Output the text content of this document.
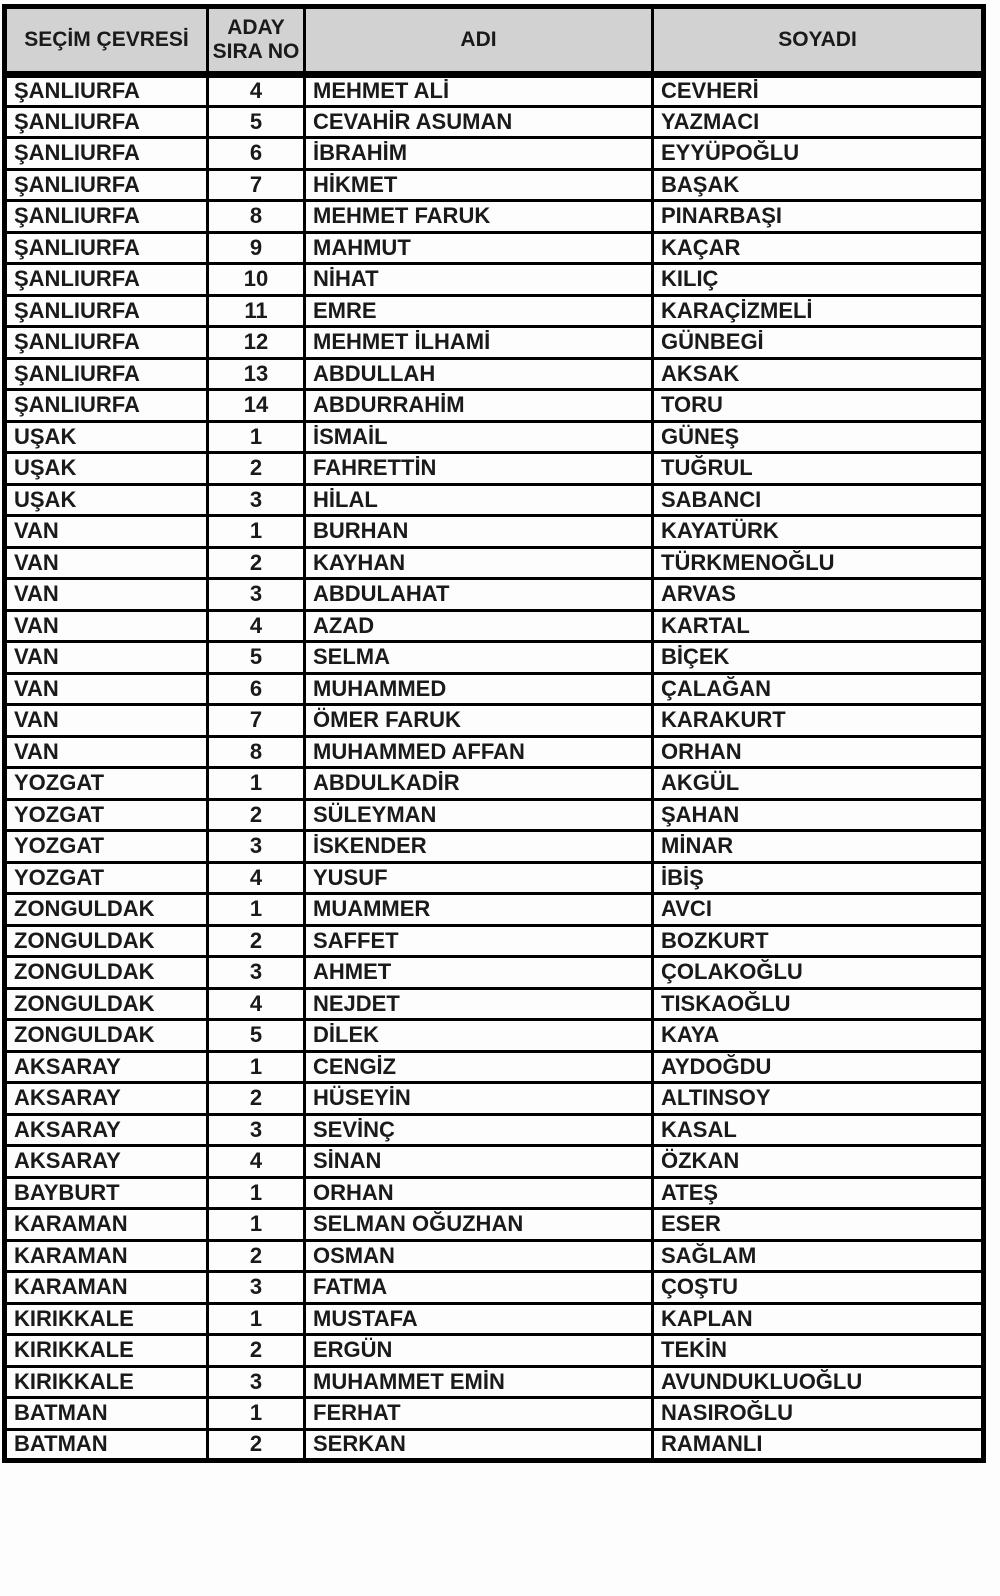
SEÇİM ÇEVRESİ	ADAY SIRA NO	ADI	SOYADI
ŞANLIURFA	4	MEHMET ALİ	CEVHERİ
ŞANLIURFA	5	CEVAHİR ASUMAN	YAZMACI
ŞANLIURFA	6	İBRAHİM	EYYÜPOĞLU
ŞANLIURFA	7	HİKMET	BAŞAK
ŞANLIURFA	8	MEHMET FARUK	PINARBAŞI
ŞANLIURFA	9	MAHMUT	KAÇAR
ŞANLIURFA	10	NİHAT	KILIÇ
ŞANLIURFA	11	EMRE	KARAÇİZMELİ
ŞANLIURFA	12	MEHMET İLHAMİ	GÜNBEGİ
ŞANLIURFA	13	ABDULLAH	AKSAK
ŞANLIURFA	14	ABDURRAHİM	TORU
UŞAK	1	İSMAİL	GÜNEŞ
UŞAK	2	FAHRETTİN	TUĞRUL
UŞAK	3	HİLAL	SABANCI
VAN	1	BURHAN	KAYATÜRK
VAN	2	KAYHAN	TÜRKMENOĞLU
VAN	3	ABDULAHAT	ARVAS
VAN	4	AZAD	KARTAL
VAN	5	SELMA	BİÇEK
VAN	6	MUHAMMED	ÇALAĞAN
VAN	7	ÖMER FARUK	KARAKURT
VAN	8	MUHAMMED AFFAN	ORHAN
YOZGAT	1	ABDULKADİR	AKGÜL
YOZGAT	2	SÜLEYMAN	ŞAHAN
YOZGAT	3	İSKENDER	MİNAR
YOZGAT	4	YUSUF	İBİŞ
ZONGULDAK	1	MUAMMER	AVCI
ZONGULDAK	2	SAFFET	BOZKURT
ZONGULDAK	3	AHMET	ÇOLAKOĞLU
ZONGULDAK	4	NEJDET	TISKAOĞLU
ZONGULDAK	5	DİLEK	KAYA
AKSARAY	1	CENGİZ	AYDOĞDU
AKSARAY	2	HÜSEYİN	ALTINSOY
AKSARAY	3	SEVİNÇ	KASAL
AKSARAY	4	SİNAN	ÖZKAN
BAYBURT	1	ORHAN	ATEŞ
KARAMAN	1	SELMAN OĞUZHAN	ESER
KARAMAN	2	OSMAN	SAĞLAM
KARAMAN	3	FATMA	ÇOŞTU
KIRIKKALE	1	MUSTAFA	KAPLAN
KIRIKKALE	2	ERGÜN	TEKİN
KIRIKKALE	3	MUHAMMET EMİN	AVUNDUKLUOĞLU
BATMAN	1	FERHAT	NASIROĞLU
BATMAN	2	SERKAN	RAMANLI
